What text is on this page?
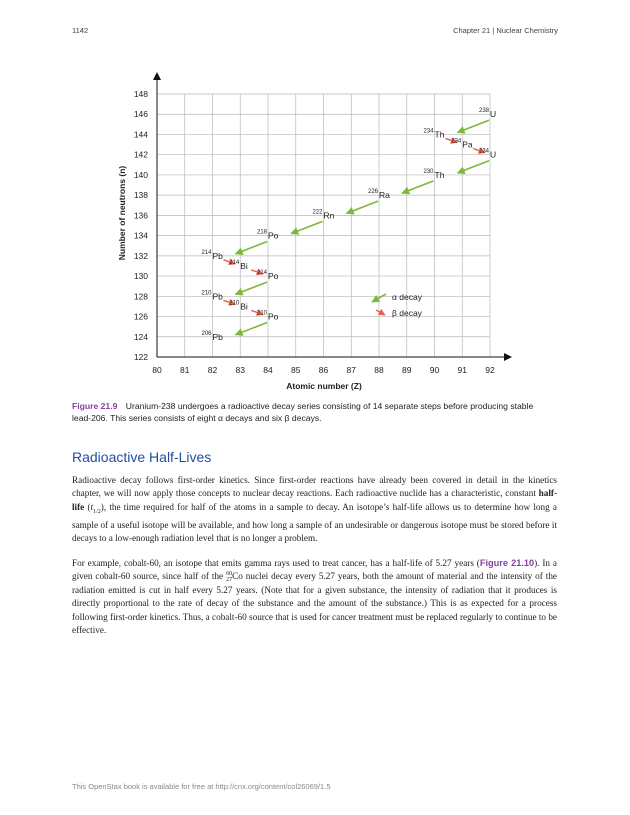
1142	Chapter 21 | Nuclear Chemistry
80 81 82 83 84 85 86 87 88 89 90 91 92
122
124
126
128
130
132
134
136
138
140
142
144
146
148
Atomic number (Z)
Number of neutrons (n)
238 U
234 Th
234 Pa
234 U
230 Th
226 Ra
222 Rn
218 Po
214 Pb
214 Bi
214 Po
210 Pb
210 Bi
210 Po
206 Pb
α decay
β decay
Figure 21.9 Uranium-238 undergoes a radioactive decay series consisting of 14 separate steps before producing stable lead-206. This series consists of eight α decays and six β decays.
Radioactive Half-Lives

Radioactive decay follows first-order kinetics. Since first-order reactions have already been covered in detail in the kinetics chapter, we will now apply those concepts to nuclear decay reactions. Each radioactive nuclide has a characteristic, constant half-life $(t_{1/2})$, the time required for half of the atoms in a sample to decay. An isotope’s half-life allows us to determine how long a sample of a useful isotope will be available, and how long a sample of an undesirable or dangerous isotope must be stored before it decays to a low-enough radiation level that is no longer a problem.

For example, cobalt-60, an isotope that emits gamma rays used to treat cancer, has a half-life of 5.27 years (Figure 21.10). In a given cobalt-60 source, since half of the 60
27Co nuclei decay every 5.27 years, both the amount of material and the intensity of the radiation emitted is cut in half every 5.27 years. (Note that for a given substance, the intensity of radiation that it produces is directly proportional to the rate of decay of the substance and the amount of the substance.) This is as expected for a process following first-order kinetics. Thus, a cobalt-60 source that is used for cancer treatment must be replaced regularly to continue to be effective.

This OpenStax book is available for free at http://cnx.org/content/col26069/1.5
